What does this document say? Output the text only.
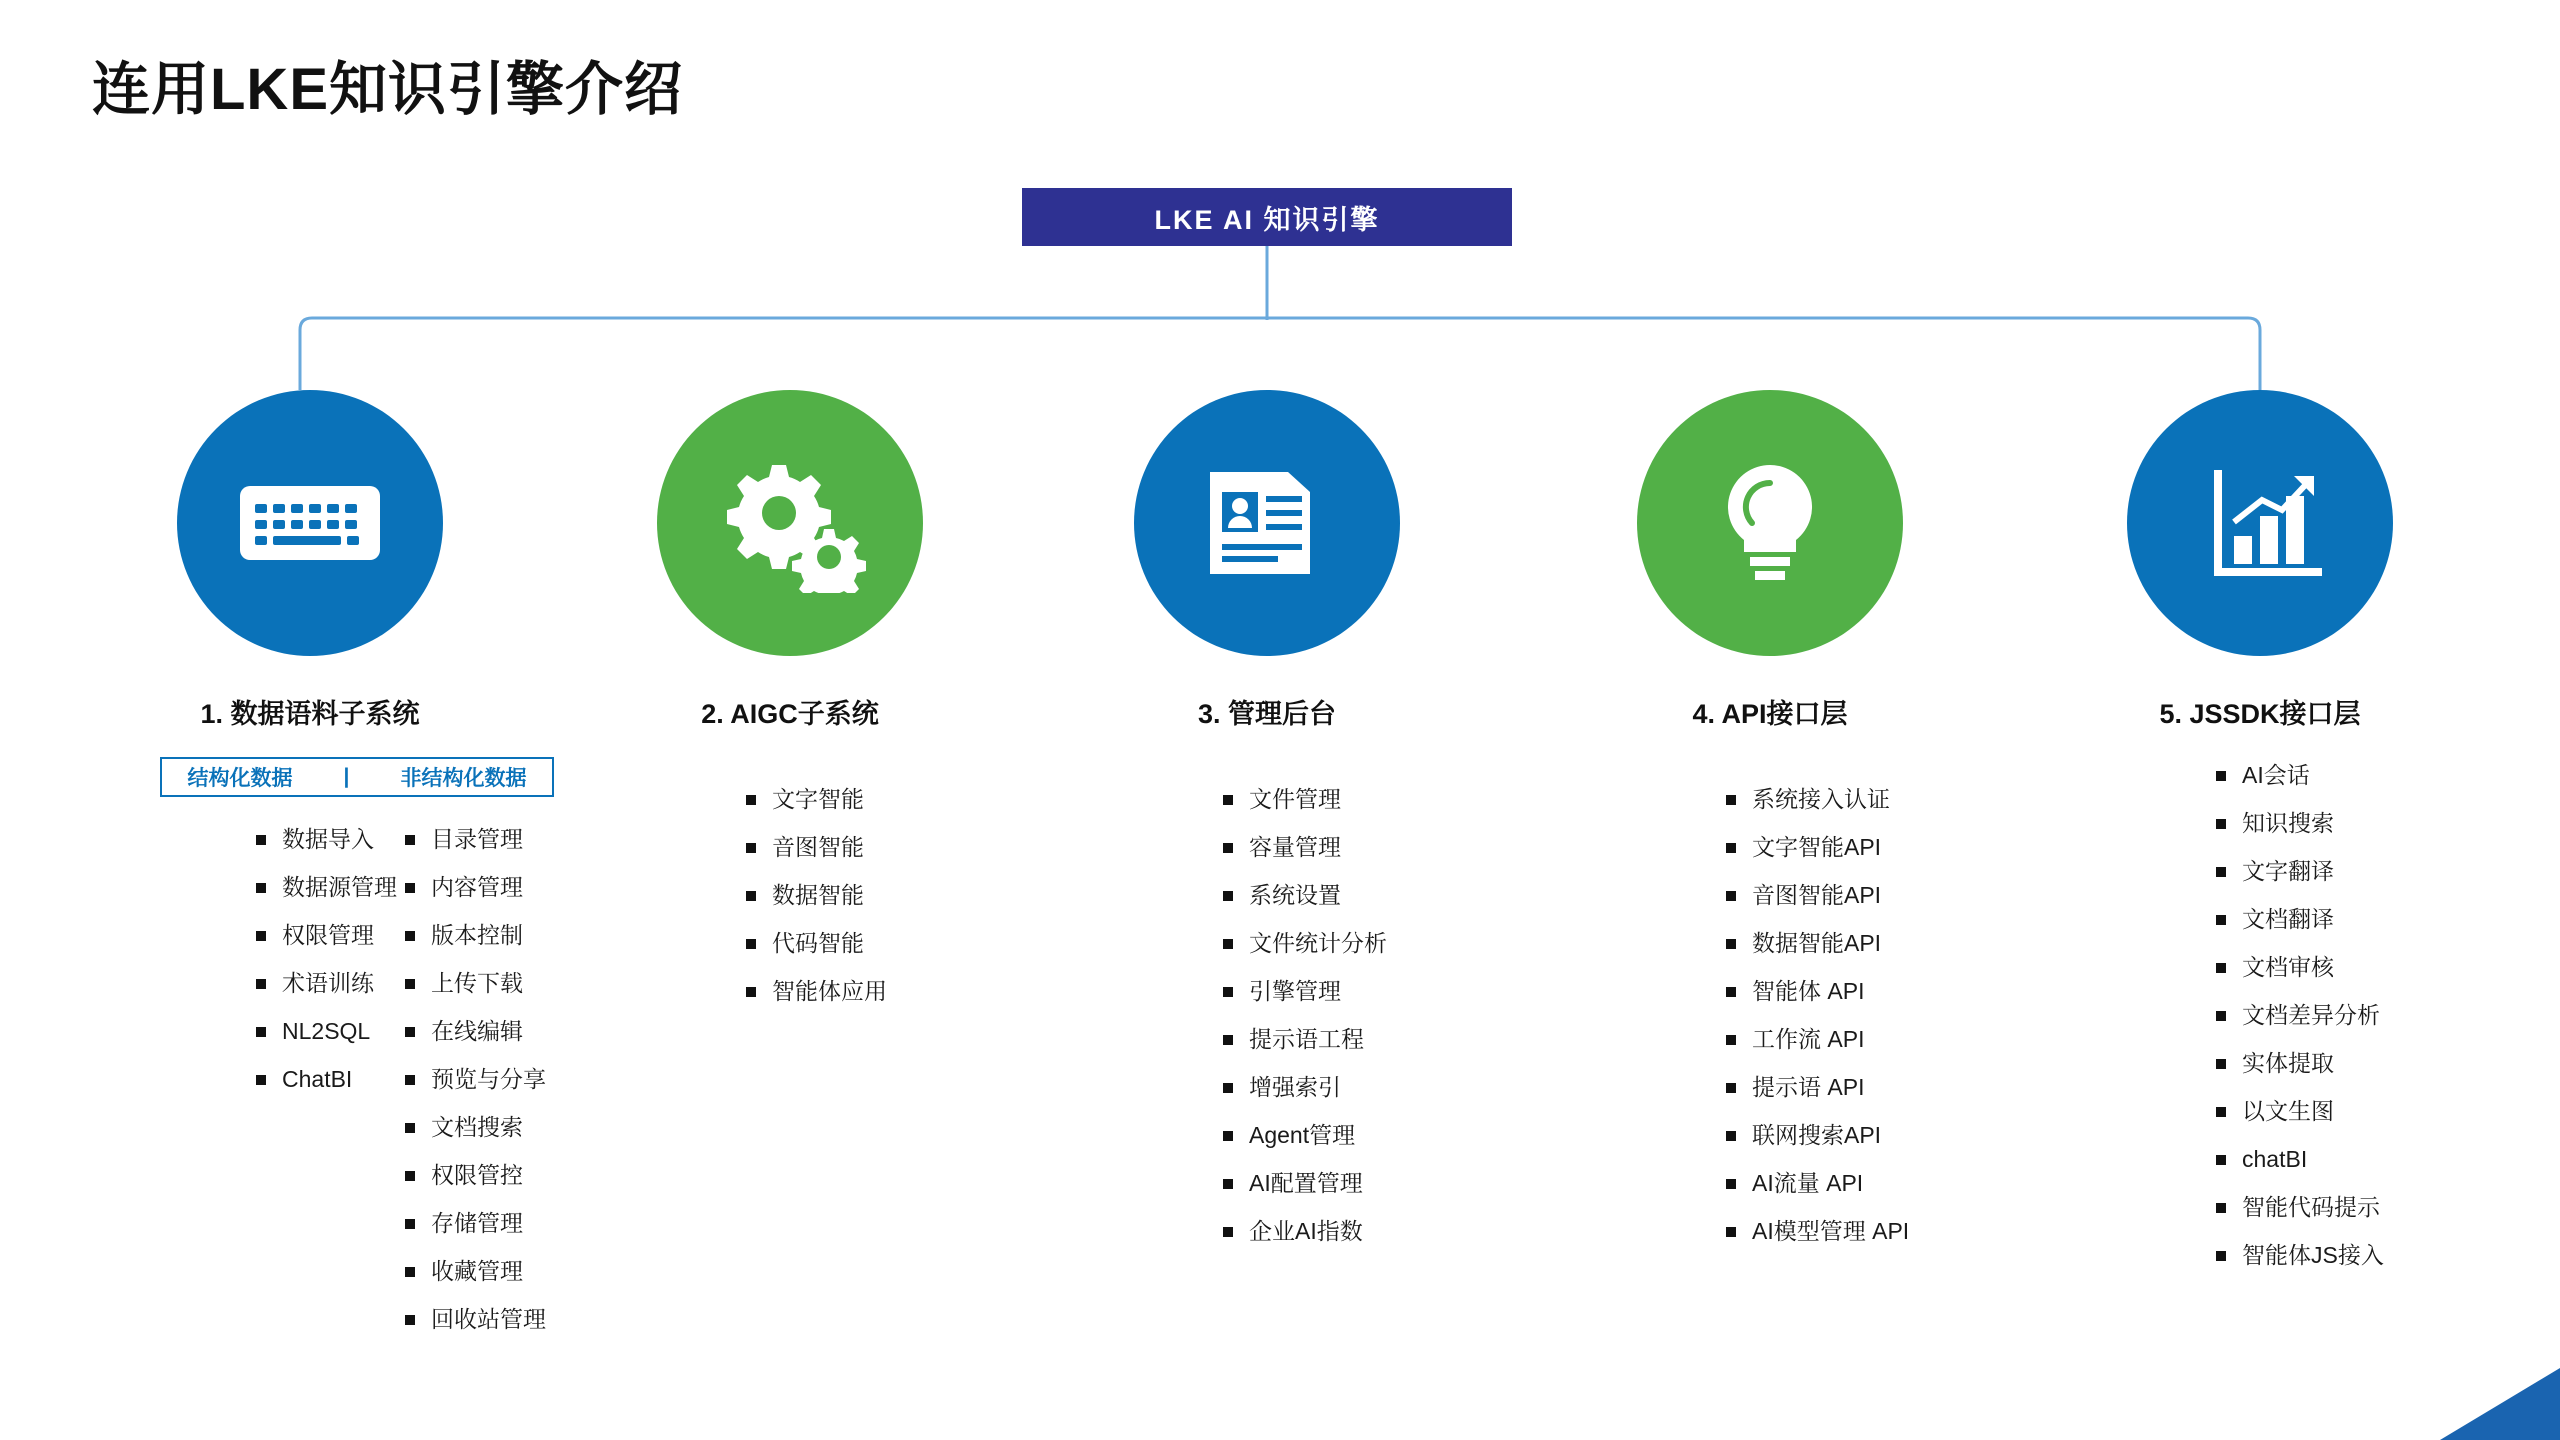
连用LKE知识引擎介绍
LKE AI 知识引擎
1. 数据语料子系统
结构化数据 | 非结构化数据
数据导入
数据源管理
权限管理
术语训练
NL2SQL
ChatBI
目录管理
内容管理
版本控制
上传下载
在线编辑
预览与分享
文档搜索
权限管控
存储管理
收藏管理
回收站管理
2. AIGC子系统
文字智能
音图智能
数据智能
代码智能
智能体应用
3. 管理后台
文件管理
容量管理
系统设置
文件统计分析
引擎管理
提示语工程
增强索引
Agent管理
AI配置管理
企业AI指数
4. API接口层
系统接入认证
文字智能API
音图智能API
数据智能API
智能体 API
工作流 API
提示语 API
联网搜索API
AI流量 API
AI模型管理 API
5. JSSDK接口层
AI会话
知识搜索
文字翻译
文档翻译
文档审核
文档差异分析
实体提取
以文生图
chatBI
智能代码提示
智能体JS接入
